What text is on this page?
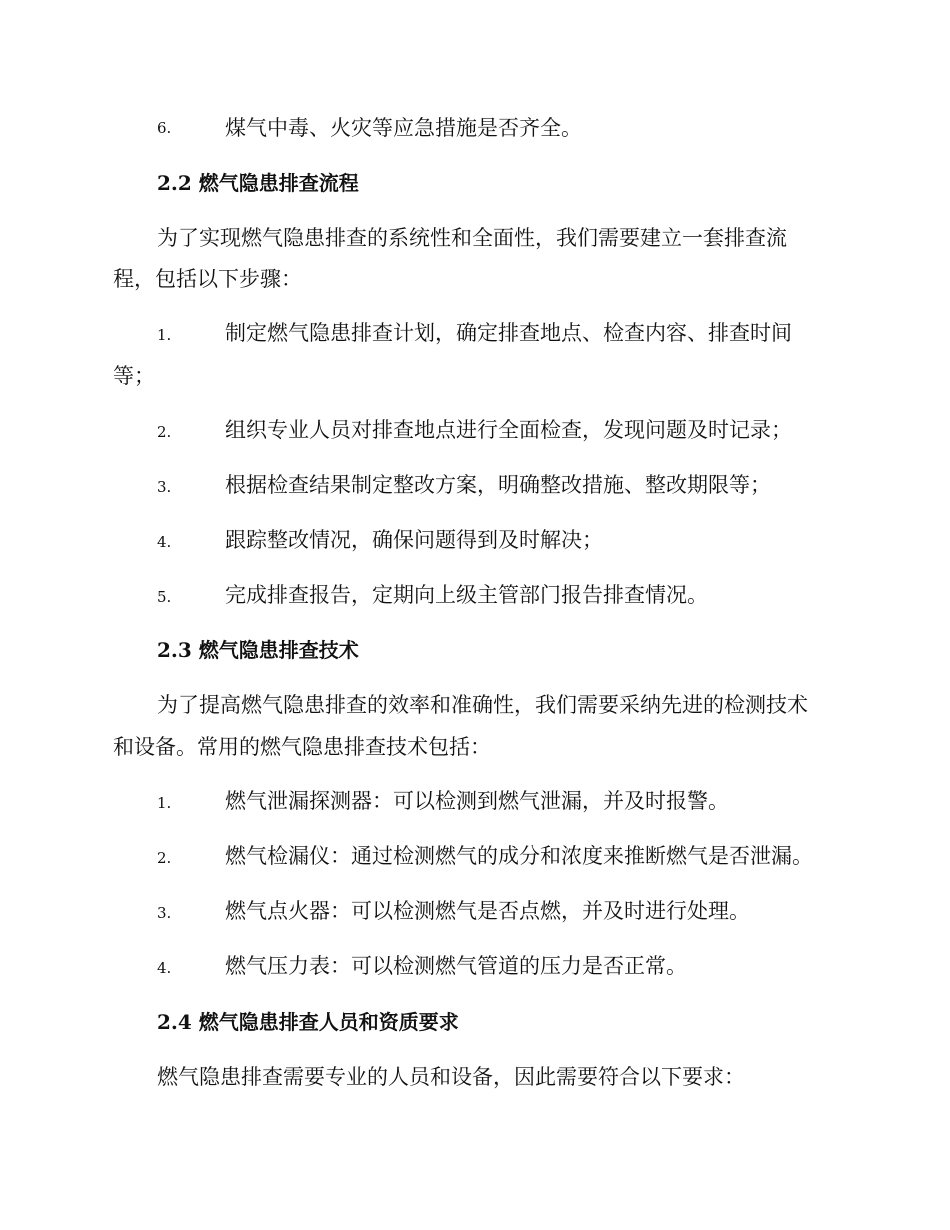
6.	煤气中毒、火灾等应急措施是否齐全。
2.2 燃气隐患排查流程
为了实现燃气隐患排查的系统性和全面性，我们需要建立一套排查流
程，包括以下步骤：
1.	制定燃气隐患排查计划，确定排查地点、检查内容、排查时间
等；
2.	组织专业人员对排查地点进行全面检查，发现问题及时记录；
3.	根据检查结果制定整改方案，明确整改措施、整改期限等；
4.	跟踪整改情况，确保问题得到及时解决；
5.	完成排查报告，定期向上级主管部门报告排查情况。
2.3 燃气隐患排查技术
为了提高燃气隐患排查的效率和准确性，我们需要采纳先进的检测技术
和设备。常用的燃气隐患排查技术包括：
1.	燃气泄漏探测器：可以检测到燃气泄漏，并及时报警。
2.	燃气检漏仪：通过检测燃气的成分和浓度来推断燃气是否泄漏。
3.	燃气点火器：可以检测燃气是否点燃，并及时进行处理。
4.	燃气压力表：可以检测燃气管道的压力是否正常。
2.4 燃气隐患排查人员和资质要求
燃气隐患排查需要专业的人员和设备，因此需要符合以下要求：
